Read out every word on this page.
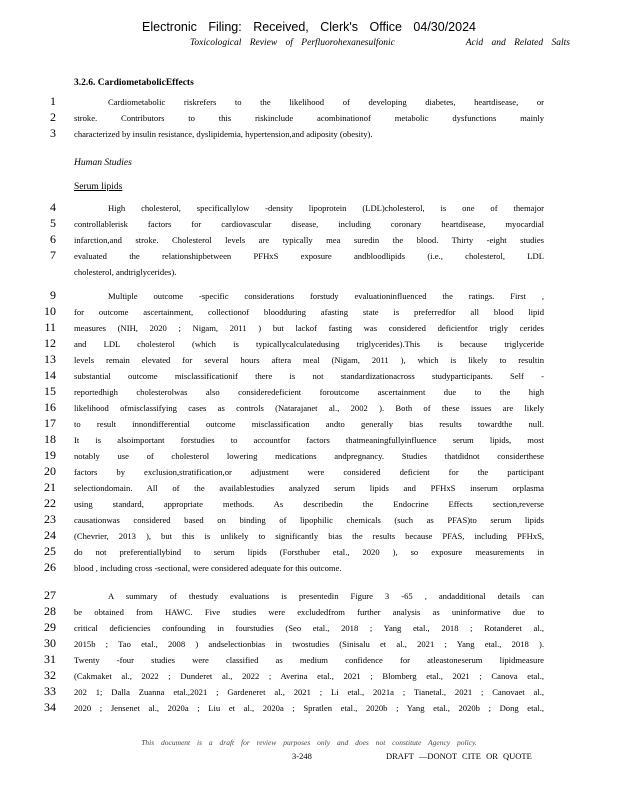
Electronic Filing: Received, Clerk's Office 04/30/2024
Toxicological Review of Perfluorohexanesulfonic	Acid and Related Salts
3.2.6. CardiometabolicEffects
Human Studies
Serum lipids
1	Cardiometabolic riskrefers to the likelihood of developing diabetes, heartdisease, or
2 stroke. Contributors to this riskinclude acombinationof metabolic dysfunctions mainly
3 characterized by insulin resistance, dyslipidemia, hypertension,and adiposity (obesity).
4	High cholesterol, specificallylow -density lipoprotein (LDL)cholesterol, is one of themajor
5 controllablerisk factors for cardiovascular disease, including coronary heartdisease, myocardial
6 infarction,and stroke. Cholesterol levels are typically mea suredin the blood. Thirty -eight studies
7 evaluated the relationshipbetween PFHxS exposure andbloodlipids (i.e., cholesterol, LDL
cholesterol, andtriglycerides).
9	Multiple outcome -specific considerations forstudy evaluationinfluenced the ratings. First ,
10 for outcome ascertainment, collectionof bloodduring afasting state is preferredfor all blood lipid
11 measures (NIH, 2020 ; Nigam, 2011 ) but lackof fasting was considered deficientfor trigly cerides
12 and LDL cholesterol (which is typicallycalculatedusing triglycerides).This is because triglyceride
13 levels remain elevated for several hours aftera meal (Nigam, 2011 ), which is likely to resultin
14 substantial outcome misclassificationif there is not standardizationacross studyparticipants. Self -
15 reportedhigh cholesterolwas also consideredeficient foroutcome ascertainment due to the high
16 likelihood ofmisclassifying cases as controls (Natarajanet al., 2002 ). Both of these issues are likely
17 to result innondifferential outcome misclassification andto generally bias results towardthe null.
18 It is alsoimportant forstudies to accountfor factors thatmeaningfullyinfluence serum lipids, most
19 notably use of cholesterol lowering medications andpregnancy. Studies thatdidnot considerthese
20 factors by exclusion,stratification,or adjustment were considered deficient for the participant
21 selectiondomain. All of the availablestudies analyzed serum lipids and PFHxS inserum orplasma
22 using standard, appropriate methods. As describedin the Endocrine Effects section,reverse
23 causationwas considered based on binding of lipophilic chemicals (such as PFAS)to serum lipids
24 (Chevrier, 2013 ), but this is unlikely to significantly bias the results because PFAS, including PFHxS,
25 do not preferentiallybind to serum lipids (Forsthuber etal., 2020 ), so exposure measurements in
26 blood , including cross -sectional, were considered adequate for this outcome.
27	A summary of thestudy evaluations is presentedin Figure 3 -65 , andadditional details can
28 be obtained from HAWC. Five studies were excludedfrom further analysis as uninformative due to
29 critical deficiencies confounding in fourstudies (Seo etal., 2018 ; Yang etal., 2018 ; Rotanderet al.,
30 2015b ; Tao etal., 2008 ) andselectionbias in twostudies (Sinisalu et al., 2021 ; Yang etal., 2018 ).
31 Twenty -four studies were classified as medium confidence for atleastoneserum lipidmeasure
32 (Cakmaket al., 2022 ; Dunderet al., 2022 ; Averina etal., 2021 ; Blomberg etal., 2021 ; Canova etal.,
33 202 1; Dalla Zuanna etal.,2021 ; Gardeneret al., 2021 ; Li etal., 2021a ; Tianetal., 2021 ; Canovaet al.,
34 2020 ; Jensenet al., 2020a ; Liu et al., 2020a ; Spratlen etal., 2020b ; Yang etal., 2020b ; Dong etal.,
This document is a draft for review purposes only and does not constitute Agency policy.
3-248	DRAFT —DONOT CITE OR QUOTE
